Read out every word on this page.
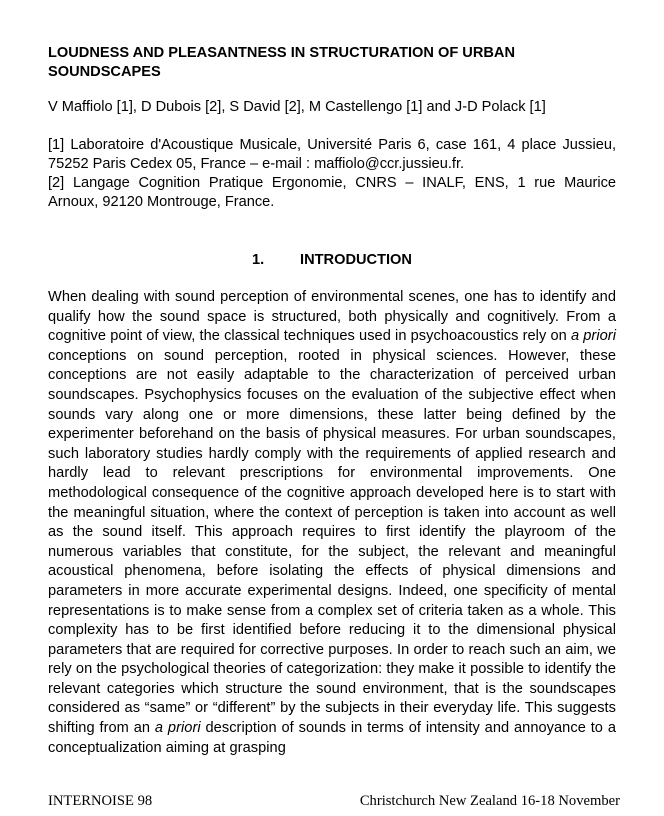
LOUDNESS AND PLEASANTNESS IN STRUCTURATION OF URBAN SOUNDSCAPES
V Maffiolo [1], D Dubois [2], S David [2], M Castellengo [1] and J-D Polack [1]
[1] Laboratoire d'Acoustique Musicale, Université Paris 6, case 161, 4 place Jussieu, 75252 Paris Cedex 05, France – e-mail : maffiolo@ccr.jussieu.fr.
[2] Langage Cognition Pratique Ergonomie, CNRS – INALF, ENS, 1 rue Maurice Arnoux, 92120 Montrouge, France.
1. INTRODUCTION

When dealing with sound perception of environmental scenes, one has to identify and qualify how the sound space is structured, both physically and cognitively. From a cognitive point of view, the classical techniques used in psychoacoustics rely on a priori conceptions on sound perception, rooted in physical sciences. However, these conceptions are not easily adaptable to the characterization of perceived urban soundscapes. Psychophysics focuses on the evaluation of the subjective effect when sounds vary along one or more dimensions, these latter being defined by the experimenter beforehand on the basis of physical measures. For urban soundscapes, such laboratory studies hardly comply with the requirements of applied research and hardly lead to relevant prescriptions for environmental improvements. One methodological consequence of the cognitive approach developed here is to start with the meaningful situation, where the context of perception is taken into account as well as the sound itself. This approach requires to first identify the playroom of the numerous variables that constitute, for the subject, the relevant and meaningful acoustical phenomena, before isolating the effects of physical dimensions and parameters in more accurate experimental designs. Indeed, one specificity of mental representations is to make sense from a complex set of criteria taken as a whole. This complexity has to be first identified before reducing it to the dimensional physical parameters that are required for corrective purposes. In order to reach such an aim, we rely on the psychological theories of categorization: they make it possible to identify the relevant categories which structure the sound environment, that is the soundscapes considered as “same” or “different” by the subjects in their everyday life. This suggests shifting from an a priori description of sounds in terms of intensity and annoyance to a conceptualization aiming at grasping

INTERNOISE 98	Christchurch New Zealand 16-18 November
